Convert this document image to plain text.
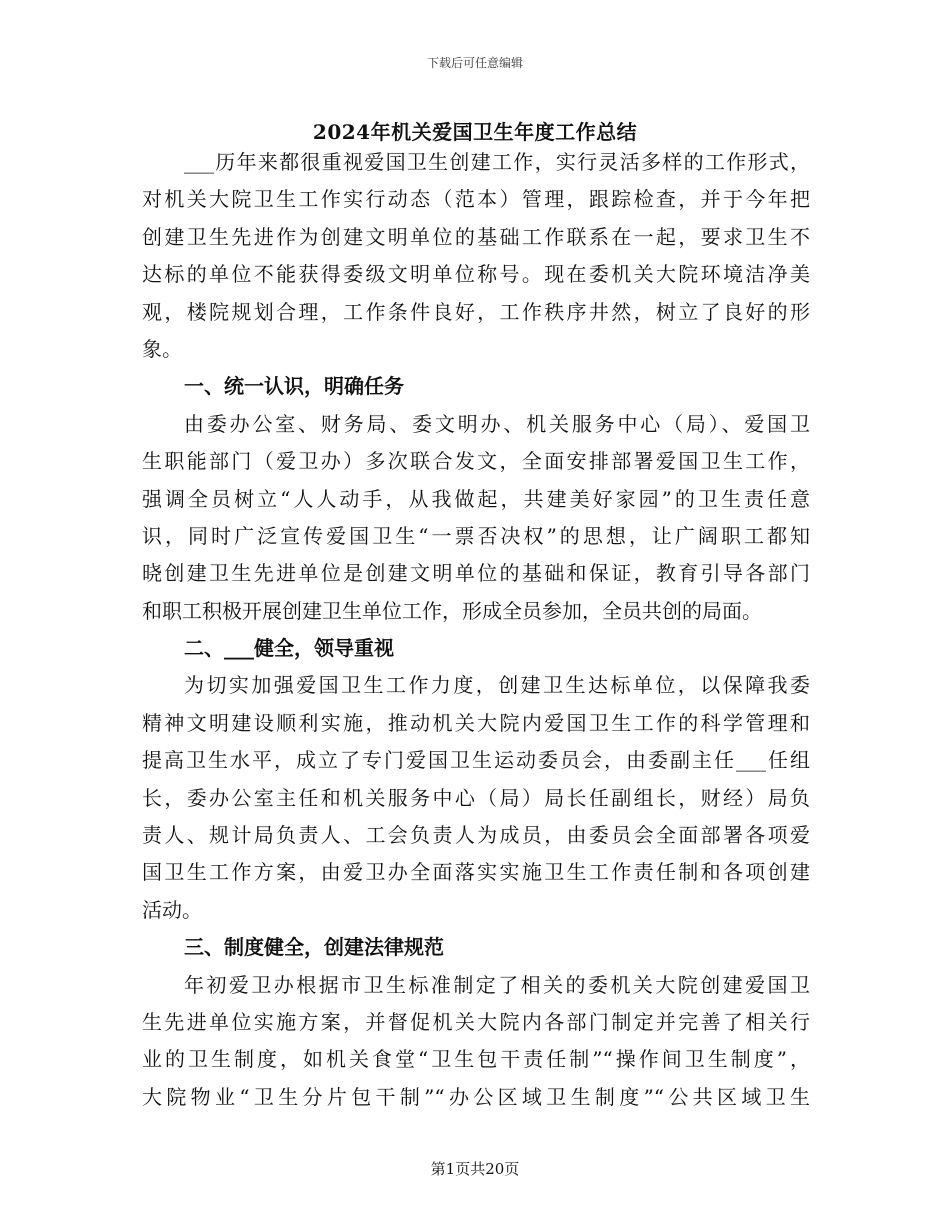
下载后可任意编辑
2024年机关爱国卫生年度工作总结
___历年来都很重视爱国卫生创建工作，实行灵活多样的工作形式，
对机关大院卫生工作实行动态（范本）管理，跟踪检查，并于今年把
创建卫生先进作为创建文明单位的基础工作联系在一起，要求卫生不
达标的单位不能获得委级文明单位称号。现在委机关大院环境洁净美
观，楼院规划合理，工作条件良好，工作秩序井然，树立了良好的形
象。
一、统一认识，明确任务
由委办公室、财务局、委文明办、机关服务中心（局）、爱国卫
生职能部门（爱卫办）多次联合发文，全面安排部署爱国卫生工作，
强调全员树立“人人动手，从我做起，共建美好家园”的卫生责任意
识，同时广泛宣传爱国卫生“一票否决权”的思想，让广阔职工都知
晓创建卫生先进单位是创建文明单位的基础和保证，教育引导各部门
和职工积极开展创建卫生单位工作，形成全员参加，全员共创的局面。
二、___健全，领导重视
为切实加强爱国卫生工作力度，创建卫生达标单位，以保障我委
精神文明建设顺利实施，推动机关大院内爱国卫生工作的科学管理和
提高卫生水平，成立了专门爱国卫生运动委员会，由委副主任___任组
长，委办公室主任和机关服务中心（局）局长任副组长，财经）局负
责人、规计局负责人、工会负责人为成员，由委员会全面部署各项爱
国卫生工作方案，由爱卫办全面落实实施卫生工作责任制和各项创建
活动。
三、制度健全，创建法律规范
年初爱卫办根据市卫生标准制定了相关的委机关大院创建爱国卫
生先进单位实施方案，并督促机关大院内各部门制定并完善了相关行
业的卫生制度，如机关食堂“卫生包干责任制”“操作间卫生制度”，
大院物业“卫生分片包干制”“办公区域卫生制度”“公共区域卫生
第1页共20页
